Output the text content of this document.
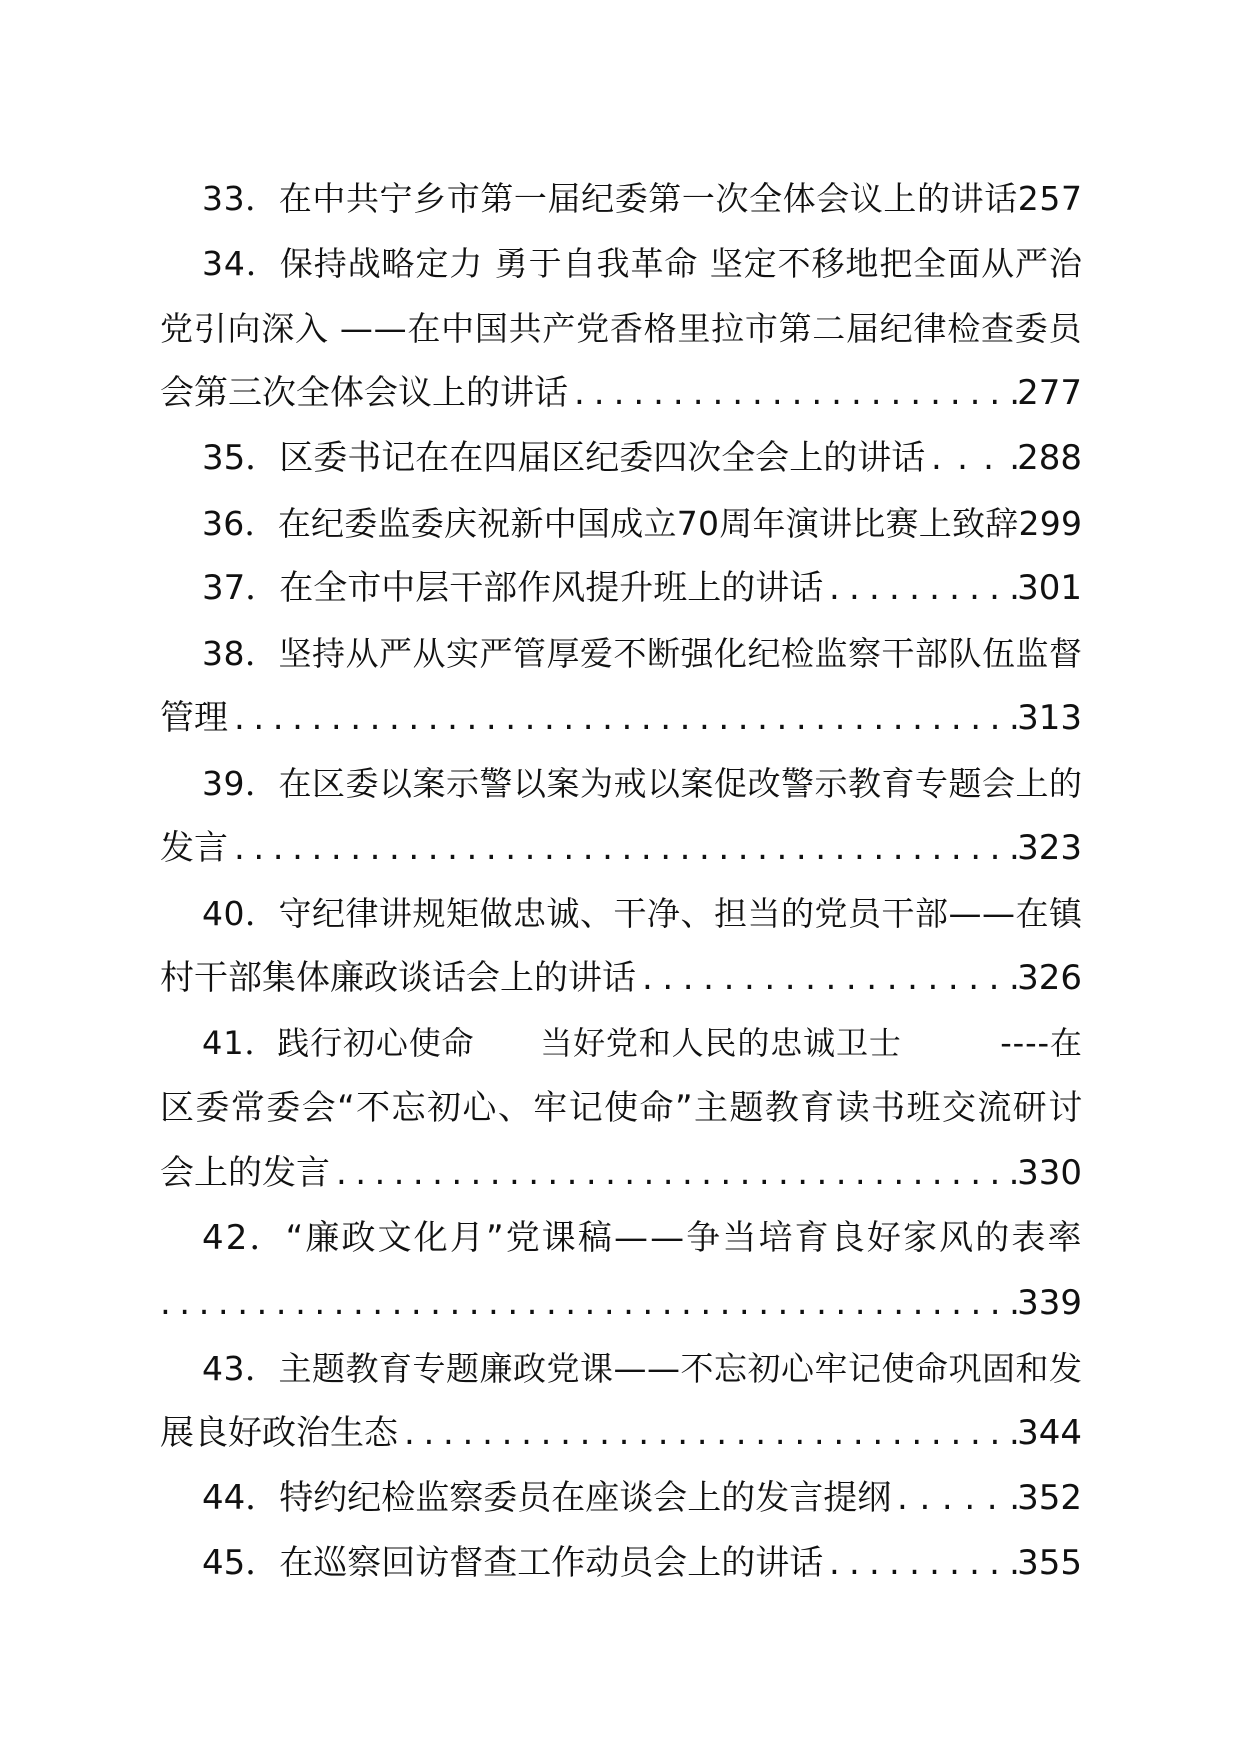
33．在中共宁乡市第一届纪委第一次全体会议上的讲话257
34．保持战略定力 勇于自我革命 坚定不移地把全面从严治
党引向深入 ——在中国共产党香格里拉市第二届纪律检查委员
会第三次全体会议上的讲话 . . . . . . . . . . . . . . . . . . . . . . .
277
35．区委书记在在四届区纪委四次全会上的讲话 . . . .
288
36．在纪委监委庆祝新中国成立70周年演讲比赛上致辞299
37．在全市中层干部作风提升班上的讲话 . . . . . . . . . .
301
38．坚持从严从实严管厚爱不断强化纪检监察干部队伍监督
管理 . . . . . . . . . . . . . . . . . . . . . . . . . . . . . . . . . . . . . . . . .
313
39．在区委以案示警以案为戒以案促改警示教育专题会上的
发言 . . . . . . . . . . . . . . . . . . . . . . . . . . . . . . . . . . . . . . . . .
323
40．守纪律讲规矩做忠诚、干净、担当的党员干部——在镇
村干部集体廉政谈话会上的讲话 . . . . . . . . . . . . . . . . . . .
326
41．践行初心使命　　当好党和人民的忠诚卫士　　　----在
区委常委会“不忘初心、牢记使命”主题教育读书班交流研讨
会上的发言 . . . . . . . . . . . . . . . . . . . . . . . . . . . . . . . . . . . .
330
42．“廉政文化月”党课稿——争当培育良好家风的表率
. . . . . . . . . . . . . . . . . . . . . . . . . . . . . . . . . . . . . . . . . . . . .
339
43．主题教育专题廉政党课——不忘初心牢记使命巩固和发
展良好政治生态 . . . . . . . . . . . . . . . . . . . . . . . . . . . . . . . .
344
44．特约纪检监察委员在座谈会上的发言提纲 . . . . . .
352
45．在巡察回访督查工作动员会上的讲话 . . . . . . . . . .
355
